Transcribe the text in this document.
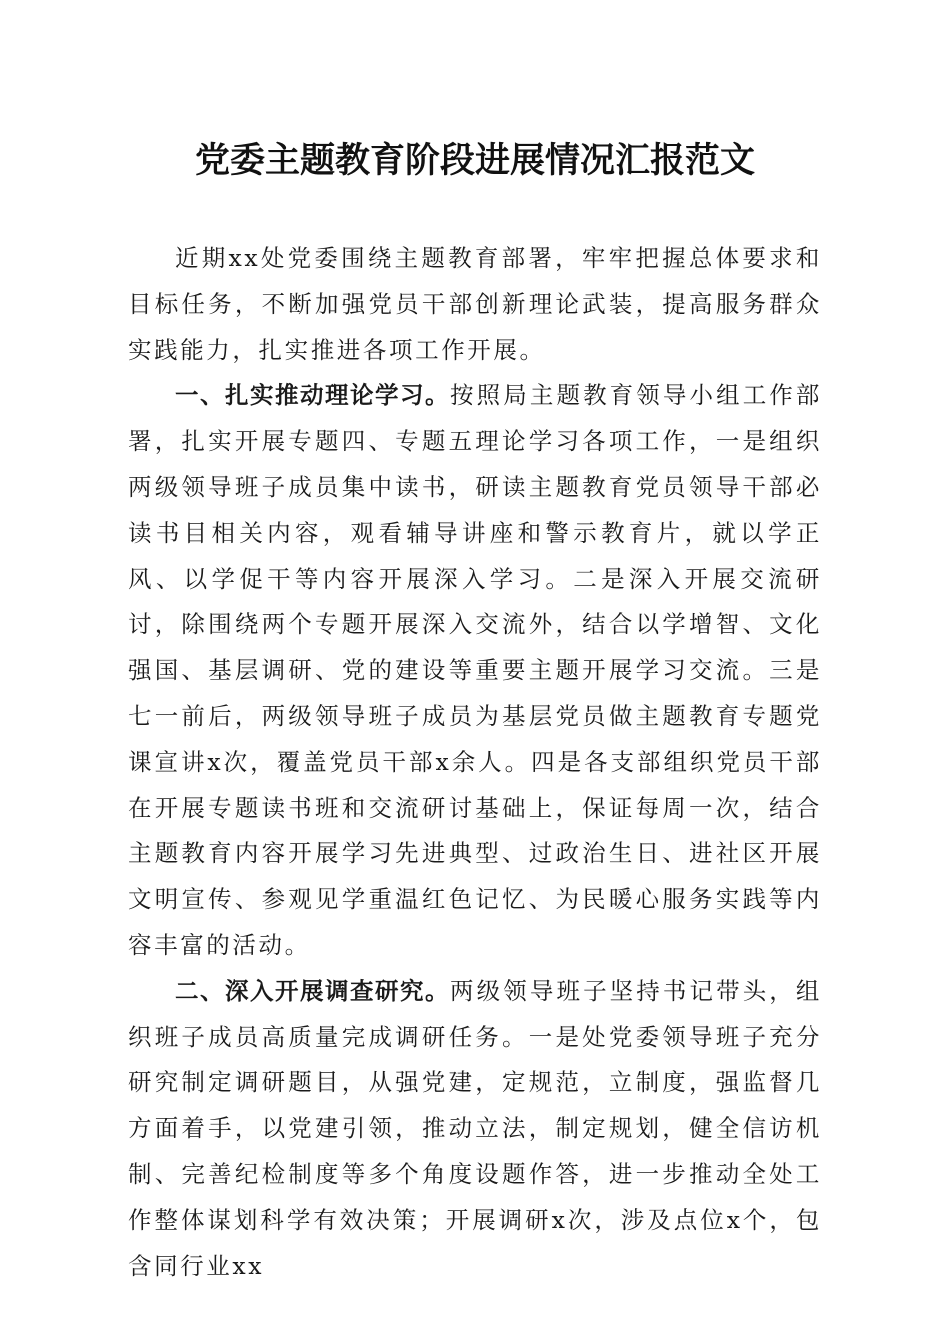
党委主题教育阶段进展情况汇报范文

近期xx处党委围绕主题教育部署，牢牢把握总体要求和目标任务，不断加强党员干部创新理论武装，提高服务群众实践能力，扎实推进各项工作开展。

一、扎实推动理论学习。按照局主题教育领导小组工作部署，扎实开展专题四、专题五理论学习各项工作，一是组织两级领导班子成员集中读书，研读主题教育党员领导干部必读书目相关内容，观看辅导讲座和警示教育片，就以学正风、以学促干等内容开展深入学习。二是深入开展交流研讨，除围绕两个专题开展深入交流外，结合以学增智、文化强国、基层调研、党的建设等重要主题开展学习交流。三是七一前后，两级领导班子成员为基层党员做主题教育专题党课宣讲x次，覆盖党员干部x余人。四是各支部组织党员干部在开展专题读书班和交流研讨基础上，保证每周一次，结合主题教育内容开展学习先进典型、过政治生日、进社区开展文明宣传、参观见学重温红色记忆、为民暖心服务实践等内容丰富的活动。

二、深入开展调查研究。两级领导班子坚持书记带头，组织班子成员高质量完成调研任务。一是处党委领导班子充分研究制定调研题目，从强党建，定规范，立制度，强监督几方面着手，以党建引领，推动立法，制定规划，健全信访机制、完善纪检制度等多个角度设题作答，进一步推动全处工作整体谋划科学有效决策；开展调研x次，涉及点位x个，包含同行业xx
